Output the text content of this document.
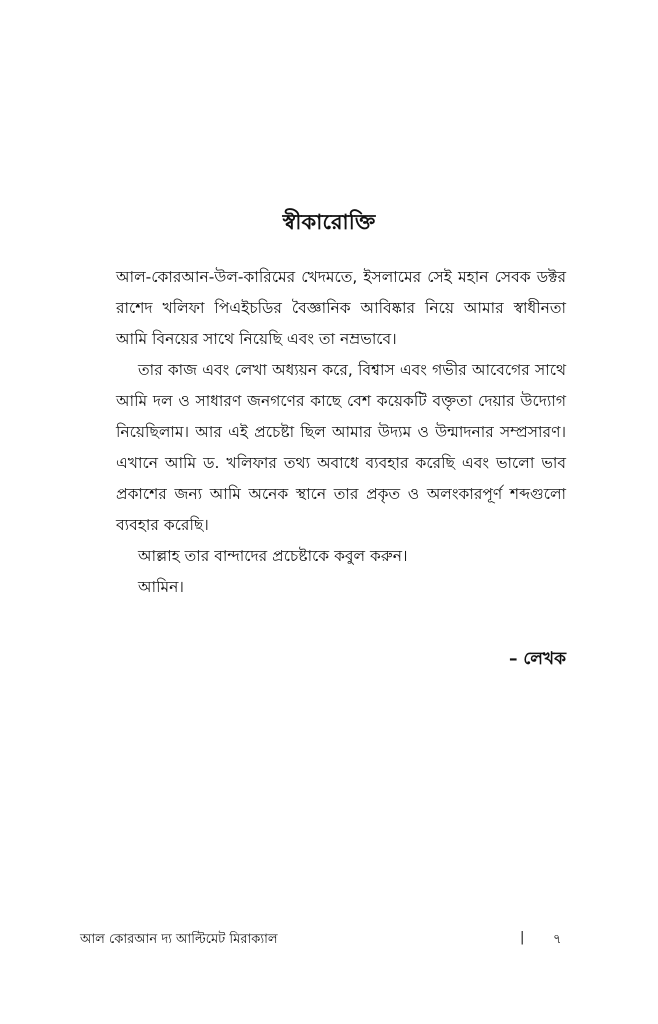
স্বীকারোক্তি

আল-কোরআন-উল-কারিমের খেদমতে, ইসলামের সেই মহান সেবক ডক্টর রাশেদ খলিফা পিএইচডির বৈজ্ঞানিক আবিষ্কার নিয়ে আমার স্বাধীনতা আমি বিনয়ের সাথে নিয়েছি এবং তা নম্রভাবে।

তার কাজ এবং লেখা অধ্যয়ন করে, বিশ্বাস এবং গভীর আবেগের সাথে আমি দল ও সাধারণ জনগণের কাছে বেশ কয়েকটি বক্তৃতা দেয়ার উদ্যোগ নিয়েছিলাম। আর এই প্রচেষ্টা ছিল আমার উদ্যম ও উন্মাদনার সম্প্রসারণ। এখানে আমি ড. খলিফার তথ্য অবাধে ব্যবহার করেছি এবং ভালো ভাব প্রকাশের জন্য আমি অনেক স্থানে তার প্রকৃত ও অলংকারপূর্ণ শব্দগুলো ব্যবহার করেছি।

আল্লাহ তার বান্দাদের প্রচেষ্টাকে কবুল করুন।

আমিন।

– লেখক
আল কোরআন দ্য আল্টিমেট মিরাক্যাল	| ৭
